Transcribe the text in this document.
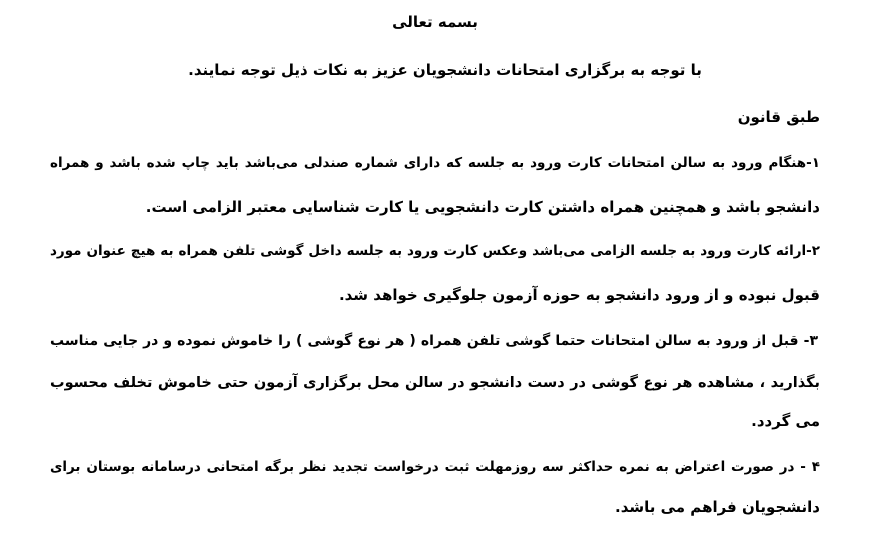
بسمه تعالی
با توجه به برگزاری امتحانات دانشجویان عزیز به نکات ذیل توجه نمایند.
طبق قانون
۱-هنگام ورود به سالن امتحانات کارت ورود به جلسه که دارای شماره صندلی می‌باشد باید چاپ شده باشد و همراه
دانشجو باشد و همچنین همراه داشتن کارت دانشجویی یا کارت شناسایی معتبر الزامی است.
۲-ارائه کارت ورود به جلسه الزامی می‌باشد وعکس کارت ورود به جلسه داخل گوشی تلفن همراه به هیچ عنوان مورد
قبول نبوده و از ورود دانشجو به حوزه آزمون جلوگیری خواهد شد.
۳- قبل از ورود به سالن امتحانات حتما گوشی تلفن همراه ( هر نوع گوشی ) را خاموش نموده و در جایی مناسب
بگذارید ، مشاهده هر نوع گوشی در دست دانشجو در سالن محل برگزاری آزمون حتی خاموش تخلف محسوب
می گردد.
۴ - در صورت اعتراض به نمره حداکثر سه روزمهلت ثبت درخواست تجدید نظر برگه امتحانی درسامانه بوستان برای
دانشجویان فراهم می باشد.
